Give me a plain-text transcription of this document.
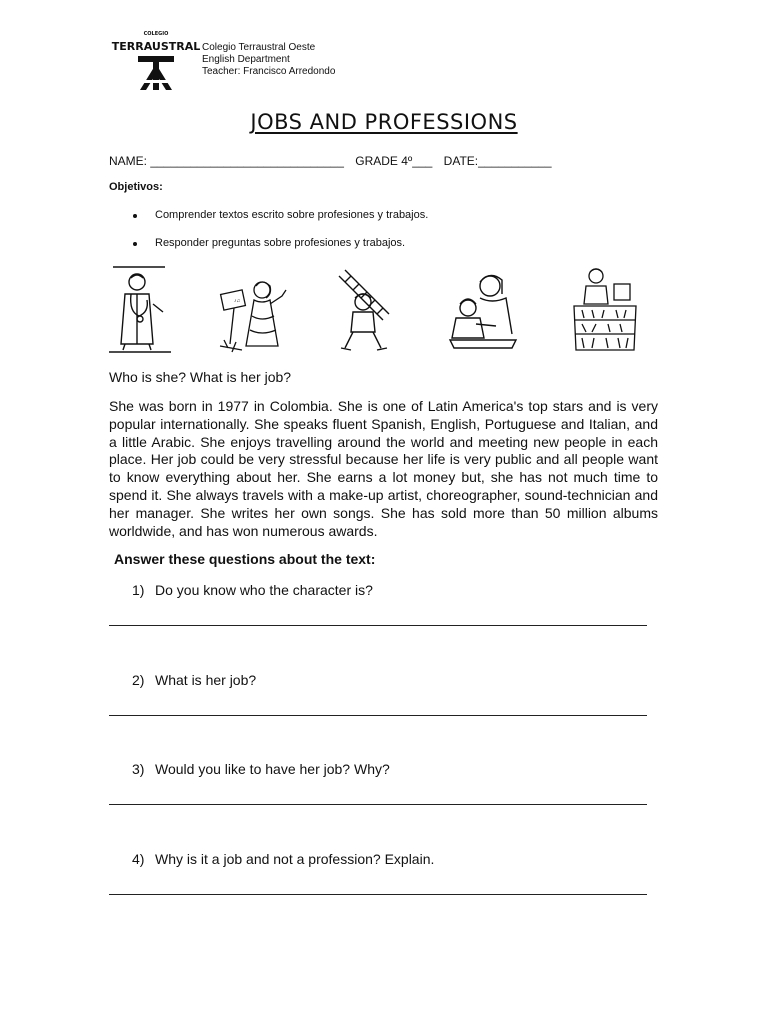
COLEGIO
TERRAUSTRAL Colegio Terraustral Oeste
English Department
Teacher: Francisco Arredondo
JOBS AND PROFESSIONS
NAME: _____________________________ GRADE 4º___ DATE:___________
Objetivos:
Comprender textos escrito sobre profesiones y trabajos.
Responder preguntas sobre profesiones y trabajos.
♪♫
Who is she? What is her job?
She was born in 1977 in Colombia. She is one of Latin America's top stars and is very popular internationally. She speaks fluent Spanish, English, Portuguese and Italian, and a little Arabic. She enjoys travelling around the world and meeting new people in each place. Her job could be very stressful because her life is very public and all people want to know everything about her. She earns a lot money but, she has not much time to spend it. She always travels with a make-up artist, choreographer, sound-technician and her manager. She writes her own songs. She has sold more than 50 million albums worldwide, and has won numerous awards.
Answer these questions about the text:
1) Do you know who the character is?
2) What is her job?
3) Would you like to have her job? Why?
4) Why is it a job and not a profession? Explain.
